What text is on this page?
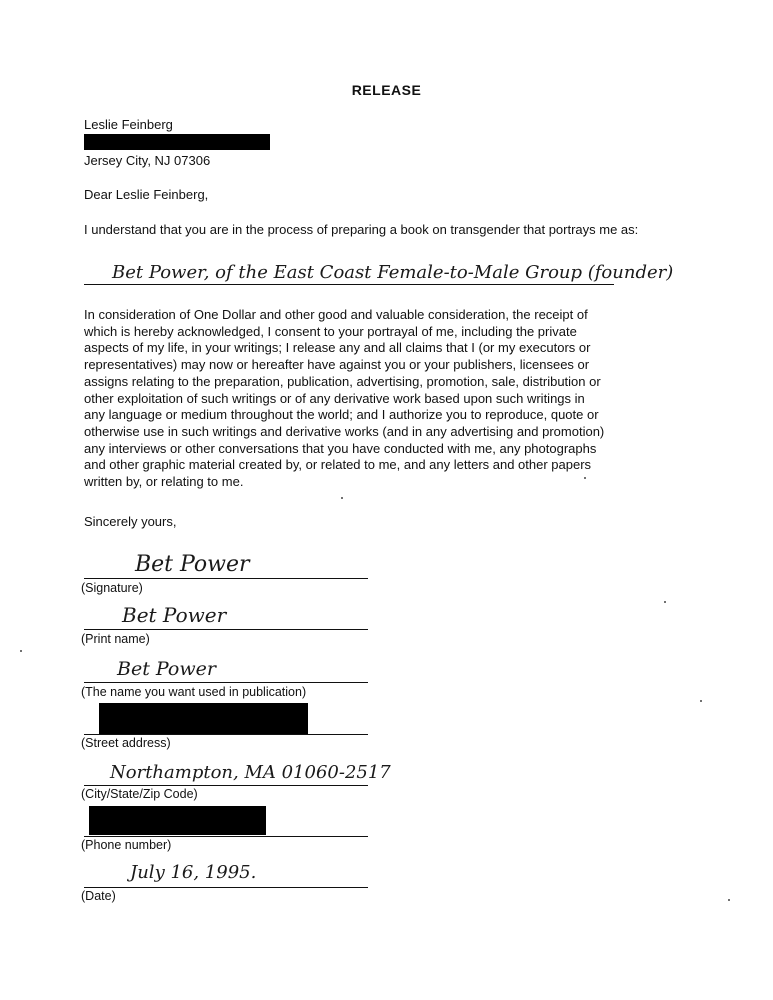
RELEASE
Leslie Feinberg
Jersey City, NJ 07306
Dear Leslie Feinberg,
I understand that you are in the process of preparing a book on transgender that portrays me as:
Bet Power, of the East Coast Female-to-Male Group (founder)
In consideration of One Dollar and other good and valuable consideration, the receipt of
which is hereby acknowledged, I consent to your portrayal of me, including the private
aspects of my life, in your writings; I release any and all claims that I (or my executors or
representatives) may now or hereafter have against you or your publishers, licensees or
assigns relating to the preparation, publication, advertising, promotion, sale, distribution or
other exploitation of such writings or of any derivative work based upon such writings in
any language or medium throughout the world; and I authorize you to reproduce, quote or
otherwise use in such writings and derivative works (and in any advertising and promotion)
any interviews or other conversations that you have conducted with me, any photographs
and other graphic material created by, or related to me, and any letters and other papers
written by, or relating to me.
Sincerely yours,
Bet Power
(Signature)
Bet Power
(Print name)
Bet Power
(The name you want used in publication)
(Street address)
Northampton, MA 01060-2517
(City/State/Zip Code)
(Phone number)
July 16, 1995.
(Date)
